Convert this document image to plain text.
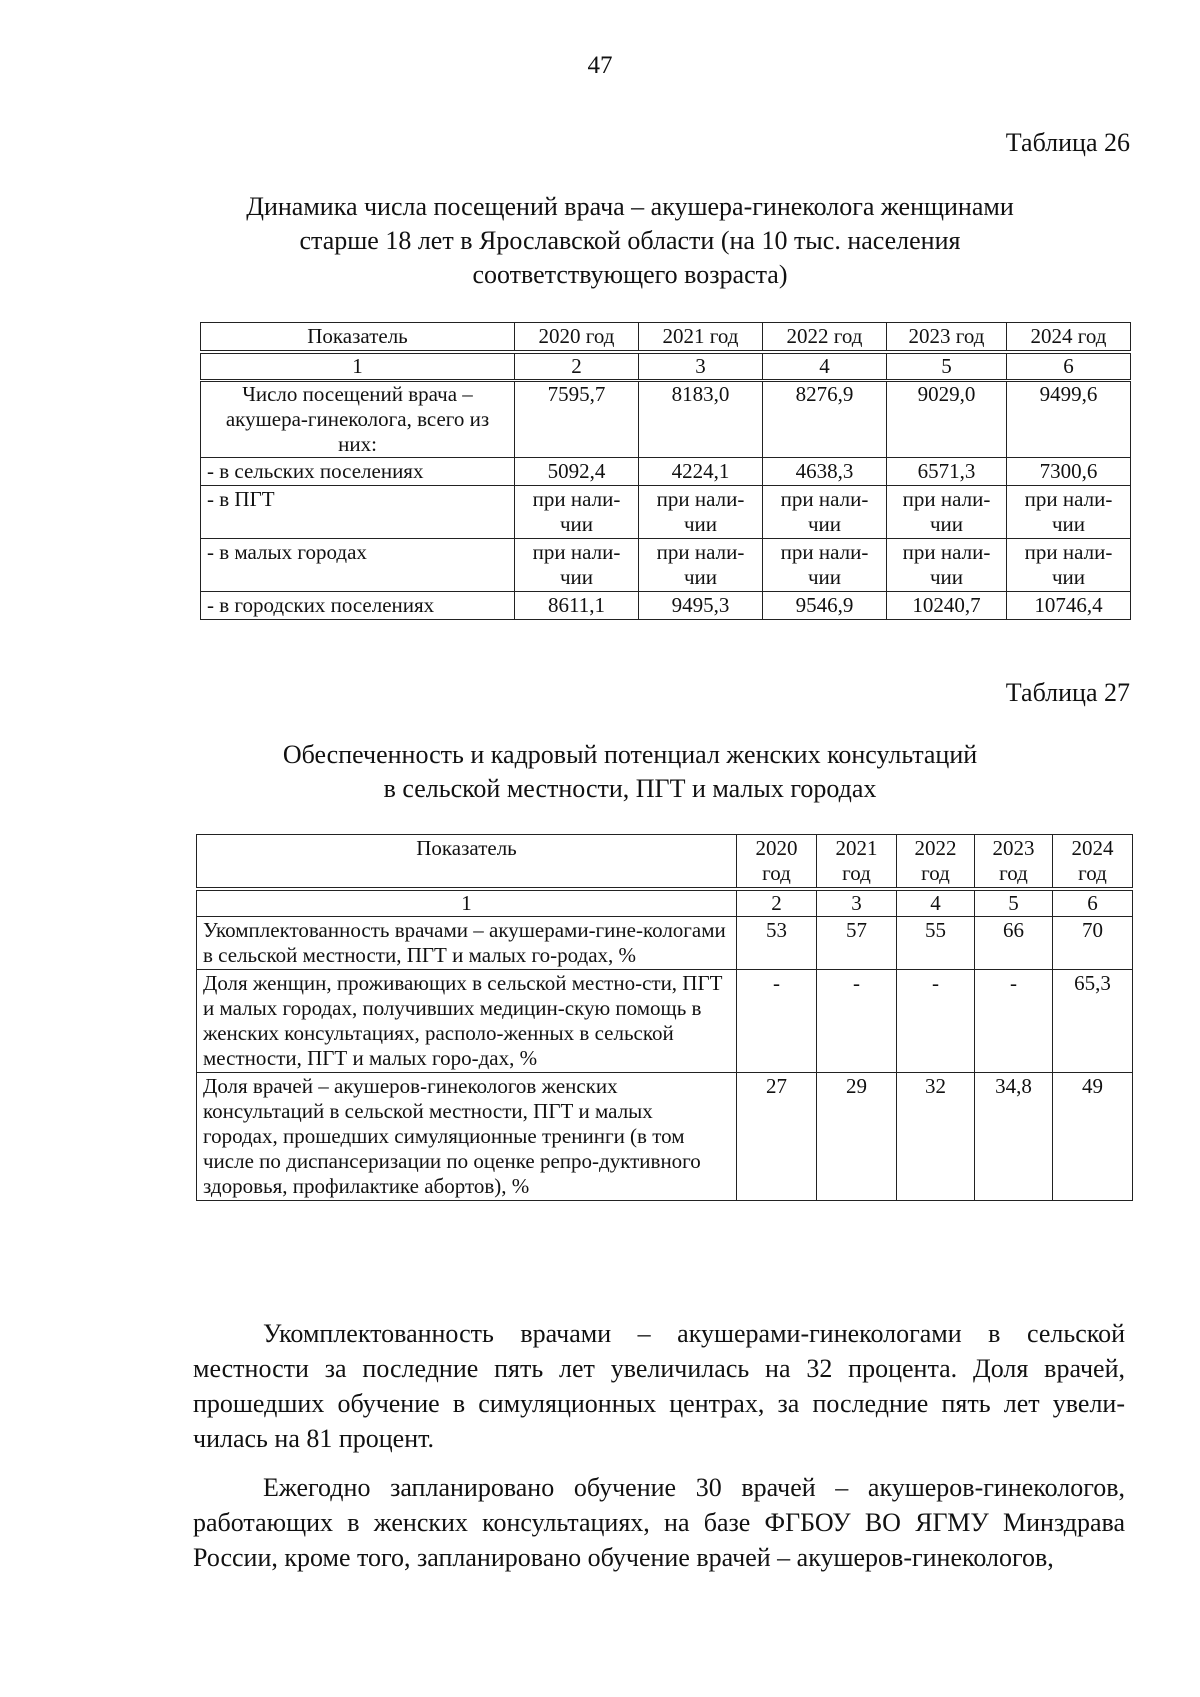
47
Таблица 26
Динамика числа посещений врача – акушера-гинеколога женщинами
старше 18 лет в Ярославской области (на 10 тыс. населения
соответствующего возраста)
Показатель	2020 год	2021 год	2022 год	2023 год	2024 год
1	2	3	4	5	6
Число посещений врача – акушера-гинеколога, всего из них:	7595,7	8183,0	8276,9	9029,0	9499,6
- в сельских поселениях	5092,4	4224,1	4638,3	6571,3	7300,6
- в ПГТ	при нали-чии	при нали-чии	при нали-чии	при нали-чии	при нали-чии
- в малых городах	при нали-чии	при нали-чии	при нали-чии	при нали-чии	при нали-чии
- в городских поселениях	8611,1	9495,3	9546,9	10240,7	10746,4
Таблица 27
Обеспеченность и кадровый потенциал женских консультаций
в сельской местности, ПГТ и малых городах
Показатель	2020 год	2021 год	2022 год	2023 год	2024 год
1	2	3	4	5	6
Укомплектованность врачами – акушерами-гине-кологами в сельской местности, ПГТ и малых го-родах, %	53	57	55	66	70
Доля женщин, проживающих в сельской местно-сти, ПГТ и малых городах, получивших медицин-скую помощь в женских консультациях, располо-женных в сельской местности, ПГТ и малых горо-дах, %	-	-	-	-	65,3
Доля врачей – акушеров-гинекологов женских консультаций в сельской местности, ПГТ и малых городах, прошедших симуляционные тренинги (в том числе по диспансеризации по оценке репро-дуктивного здоровья, профилактике абортов), %	27	29	32	34,8	49

Укомплектованность врачами – акушерами-гинекологами в сельской местности за последние пять лет увеличилась на 32 процента. Доля врачей, прошедших обучение в симуляционных центрах, за последние пять лет увели-чилась на 81 процент.

Ежегодно запланировано обучение 30 врачей – акушеров-гинекологов, работающих в женских консультациях, на базе ФГБОУ ВО ЯГМУ Минздрава России, кроме того, запланировано обучение врачей – акушеров-гинекологов,
